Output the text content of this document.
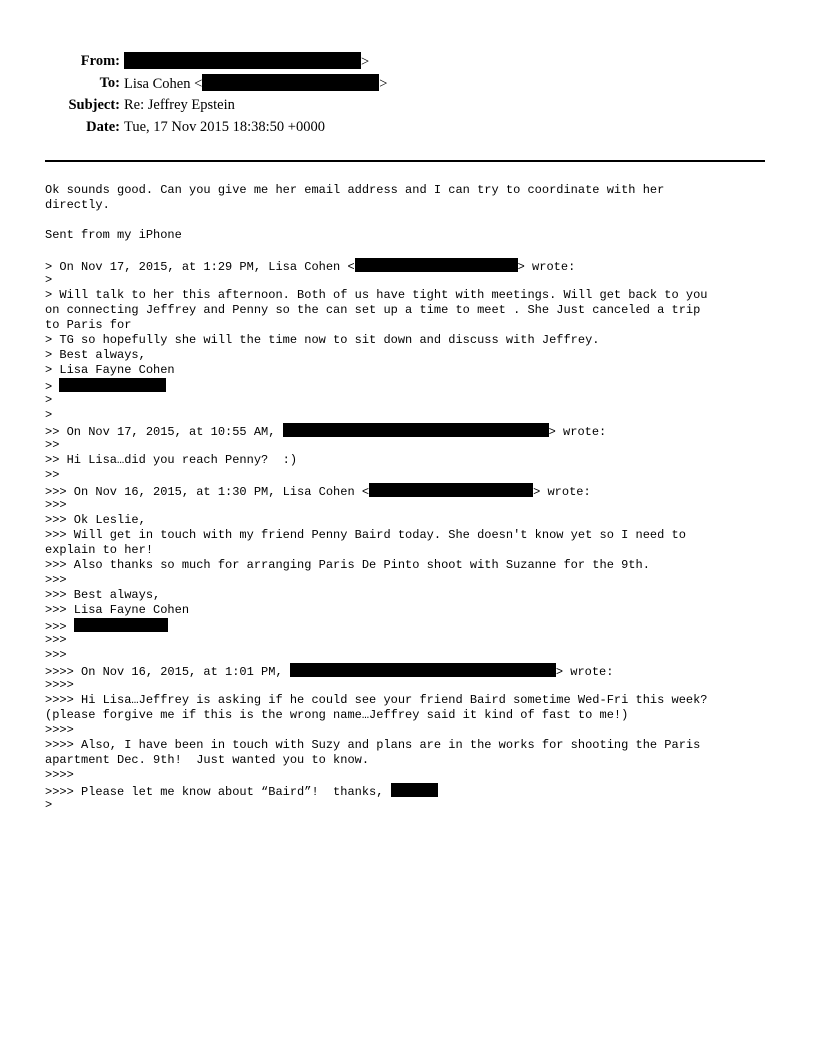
From:	>
To: Lisa Cohen <	>
Subject: Re: Jeffrey Epstein
Date: Tue, 17 Nov 2015 18:38:50 +0000
Ok sounds good. Can you give me her email address and I can try to coordinate with her
directly.
Sent from my iPhone
> On Nov 17, 2015, at 1:29 PM, Lisa Cohen <	> wrote:
>
> Will talk to her this afternoon. Both of us have tight with meetings. Will get back to you
on connecting Jeffrey and Penny so the can set up a time to meet . She Just canceled a trip
to Paris for
> TG so hopefully she will the time now to sit down and discuss with Jeffrey.
> Best always,
> Lisa Fayne Cohen
>
>
>
>> On Nov 17, 2015, at 10:55 AM,	> wrote:
>>
>> Hi Lisa…did you reach Penny?  :)
>>
>>> On Nov 16, 2015, at 1:30 PM, Lisa Cohen <	> wrote:
>>>
>>> Ok Leslie,
>>> Will get in touch with my friend Penny Baird today. She doesn't know yet so I need to
explain to her!
>>> Also thanks so much for arranging Paris De Pinto shoot with Suzanne for the 9th.
>>>
>>> Best always,
>>> Lisa Fayne Cohen
>>>
>>>
>>>
>>>> On Nov 16, 2015, at 1:01 PM,	> wrote:
>>>>
>>>> Hi Lisa…Jeffrey is asking if he could see your friend Baird sometime Wed-Fri this week?
(please forgive me if this is the wrong name…Jeffrey said it kind of fast to me!)
>>>>
>>>> Also, I have been in touch with Suzy and plans are in the works for shooting the Paris
apartment Dec. 9th!  Just wanted you to know.
>>>>
>>>> Please let me know about “Baird”!  thanks,
>
